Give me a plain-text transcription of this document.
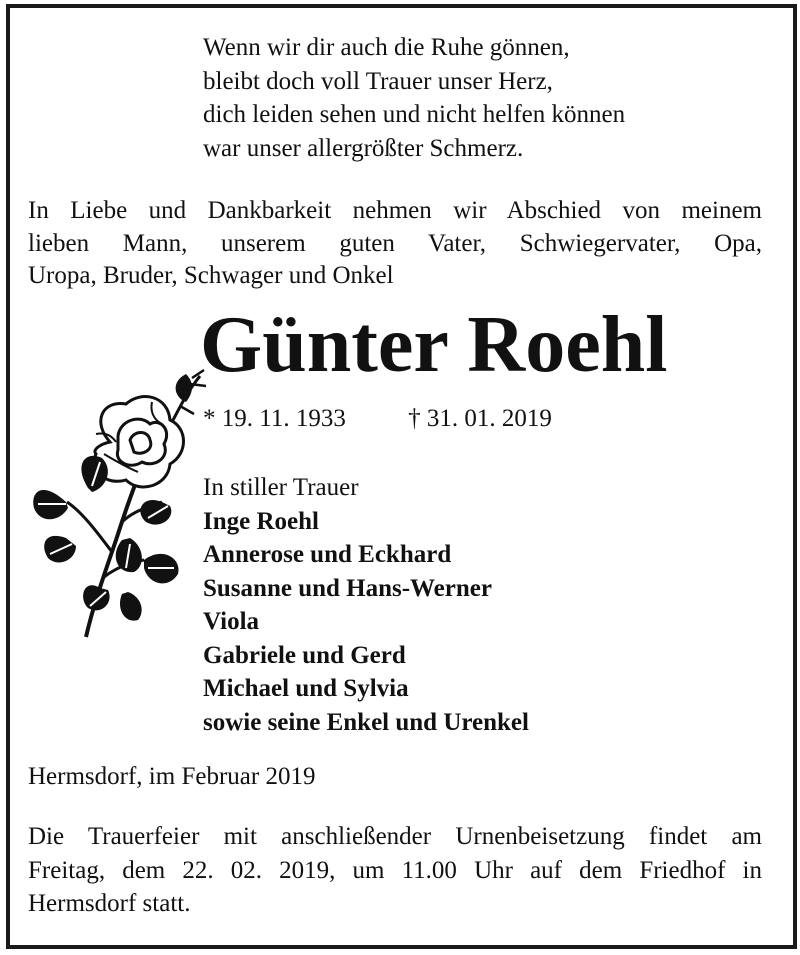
Wenn wir dir auch die Ruhe gönnen,
bleibt doch voll Trauer unser Herz,
dich leiden sehen und nicht helfen können
war unser allergrößter Schmerz.
In Liebe und Dankbarkeit nehmen wir Abschied von meinem
lieben Mann, unserem guten Vater, Schwiegervater, Opa,
Uropa, Bruder, Schwager und Onkel
Günter Roehl
* 19. 11. 1933 † 31. 01. 2019
In stiller Trauer
Inge Roehl
Annerose und Eckhard
Susanne und Hans-Werner
Viola
Gabriele und Gerd
Michael und Sylvia
sowie seine Enkel und Urenkel
Hermsdorf, im Februar 2019
Die Trauerfeier mit anschließender Urnenbeisetzung findet am
Freitag, dem 22. 02. 2019, um 11.00 Uhr auf dem Friedhof in
Hermsdorf statt.
